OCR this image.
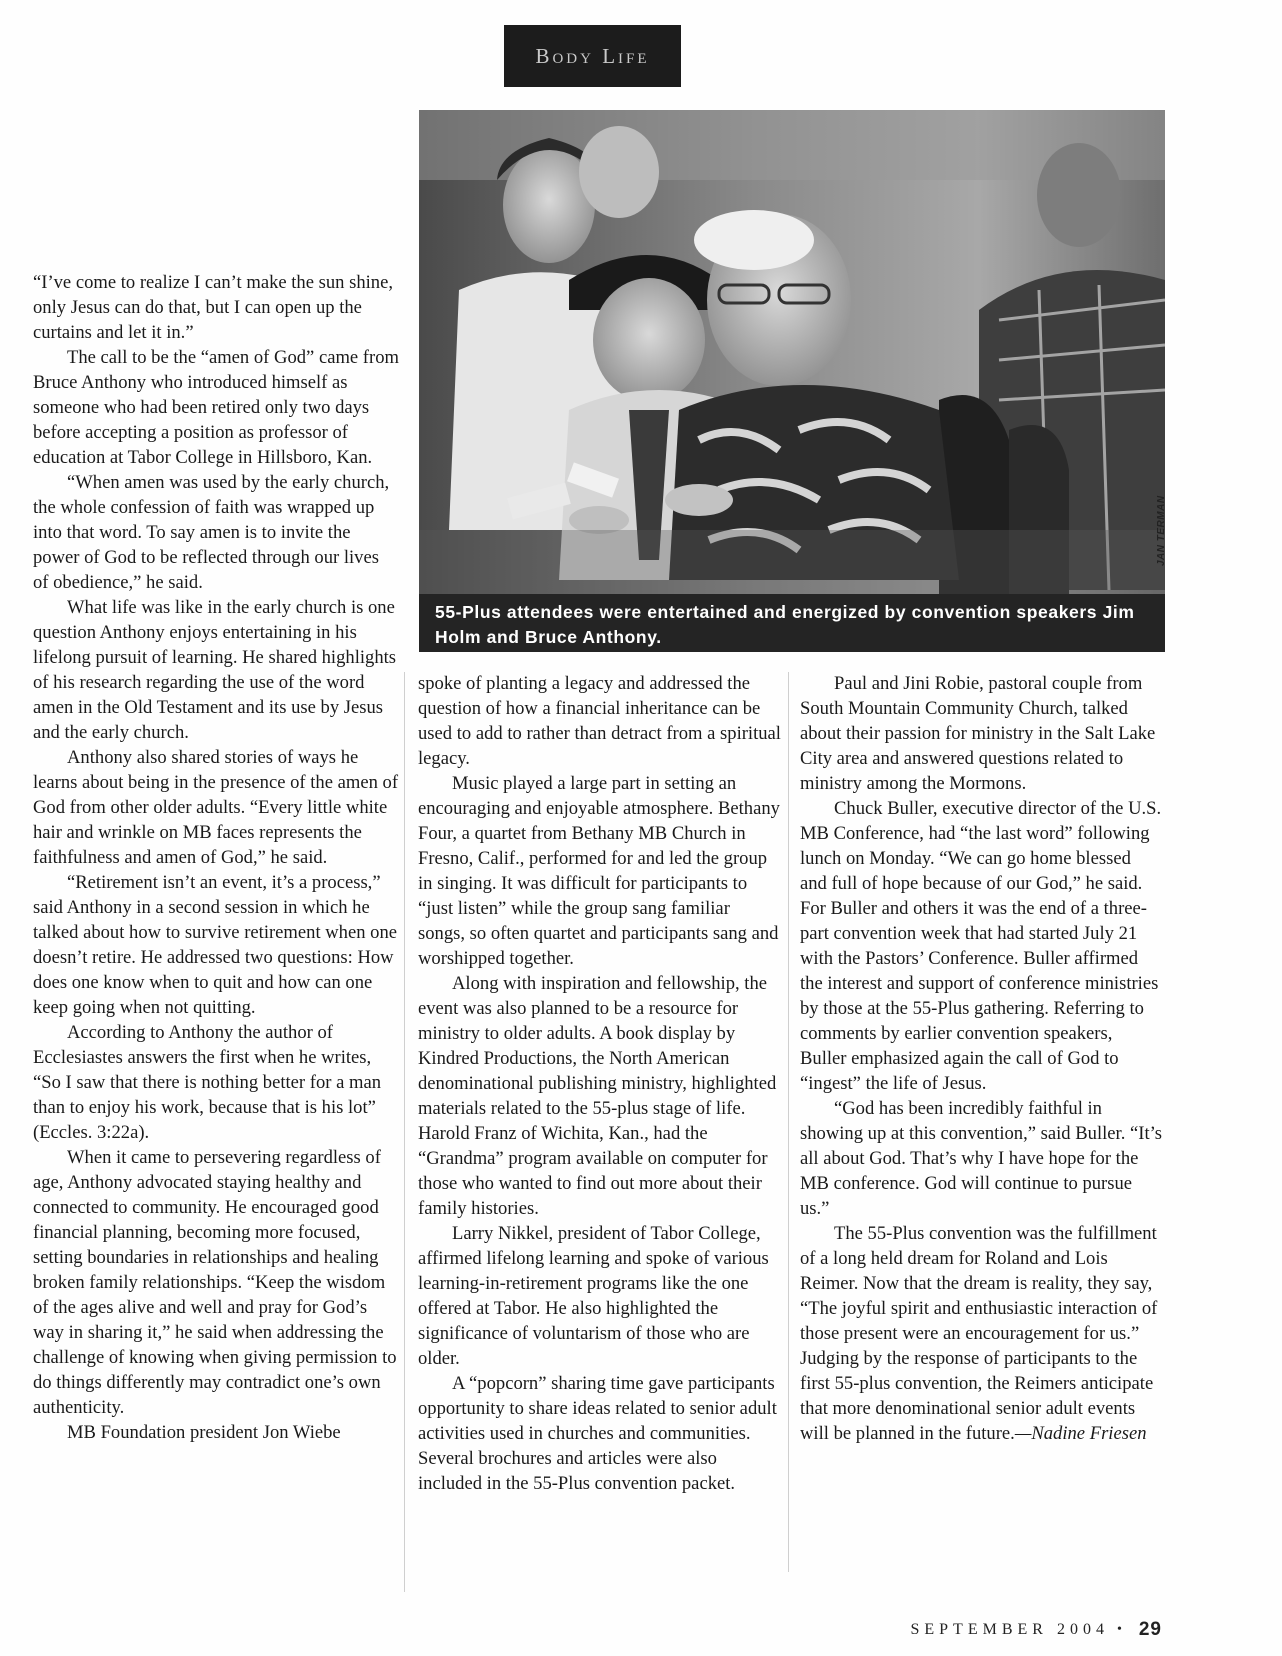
Body Life
55-Plus attendees were entertained and energized by convention speakers Jim Holm and Bruce Anthony.
JAN TERMAN

“I’ve come to realize I can’t make the sun shine, only Jesus can do that, but I can open up the curtains and let it in.”

The call to be the “amen of God” came from Bruce Anthony who introduced himself as someone who had been retired only two days before accepting a position as professor of education at Tabor College in Hillsboro, Kan.

“When amen was used by the early church, the whole confession of faith was wrapped up into that word. To say amen is to invite the power of God to be reflected through our lives of obedience,” he said.

What life was like in the early church is one question Anthony enjoys entertaining in his lifelong pursuit of learning. He shared highlights of his research regarding the use of the word amen in the Old Testament and its use by Jesus and the early church.

Anthony also shared stories of ways he learns about being in the presence of the amen of God from other older adults. “Every little white hair and wrinkle on MB faces represents the faithfulness and amen of God,” he said.

“Retirement isn’t an event, it’s a process,” said Anthony in a second session in which he talked about how to survive retirement when one doesn’t retire. He addressed two questions: How does one know when to quit and how can one keep going when not quitting.

According to Anthony the author of Ecclesiastes answers the first when he writes, “So I saw that there is nothing better for a man than to enjoy his work, because that is his lot” (Eccles. 3:22a).

When it came to persevering regardless of age, Anthony advocated staying healthy and connected to community. He encouraged good financial planning, becoming more focused, setting boundaries in relationships and healing broken family relationships. “Keep the wisdom of the ages alive and well and pray for God’s way in sharing it,” he said when addressing the challenge of knowing when giving permission to do things differently may contradict one’s own authenticity.

MB Foundation president Jon Wiebe

spoke of planting a legacy and addressed the question of how a financial inheritance can be used to add to rather than detract from a spiritual legacy.

Music played a large part in setting an encouraging and enjoyable atmosphere. Bethany Four, a quartet from Bethany MB Church in Fresno, Calif., performed for and led the group in singing. It was difficult for participants to “just listen” while the group sang familiar songs, so often quartet and participants sang and worshipped together.

Along with inspiration and fellowship, the event was also planned to be a resource for ministry to older adults. A book display by Kindred Productions, the North American denominational publishing ministry, highlighted materials related to the 55-plus stage of life. Harold Franz of Wichita, Kan., had the “Grandma” program available on computer for those who wanted to find out more about their family histories.

Larry Nikkel, president of Tabor College, affirmed lifelong learning and spoke of various learning-in-retirement programs like the one offered at Tabor. He also highlighted the significance of voluntarism of those who are older.

A “popcorn” sharing time gave participants opportunity to share ideas related to senior adult activities used in churches and communities. Several brochures and articles were also included in the 55-Plus convention packet.

Paul and Jini Robie, pastoral couple from South Mountain Community Church, talked about their passion for ministry in the Salt Lake City area and answered questions related to ministry among the Mormons.

Chuck Buller, executive director of the U.S. MB Conference, had “the last word” following lunch on Monday. “We can go home blessed and full of hope because of our God,” he said. For Buller and others it was the end of a three-part convention week that had started July 21 with the Pastors’ Conference. Buller affirmed the interest and support of conference ministries by those at the 55-Plus gathering. Referring to comments by earlier convention speakers, Buller emphasized again the call of God to “ingest” the life of Jesus.

“God has been incredibly faithful in showing up at this convention,” said Buller. “It’s all about God. That’s why I have hope for the MB conference. God will continue to pursue us.”

The 55-Plus convention was the fulfillment of a long held dream for Roland and Lois Reimer. Now that the dream is reality, they say, “The joyful spirit and enthusiastic interaction of those present were an encouragement for us.” Judging by the response of participants to the first 55-plus convention, the Reimers anticipate that more denominational senior adult events will be planned in the future.—Nadine Friesen

SEPTEMBER 2004 • 29
